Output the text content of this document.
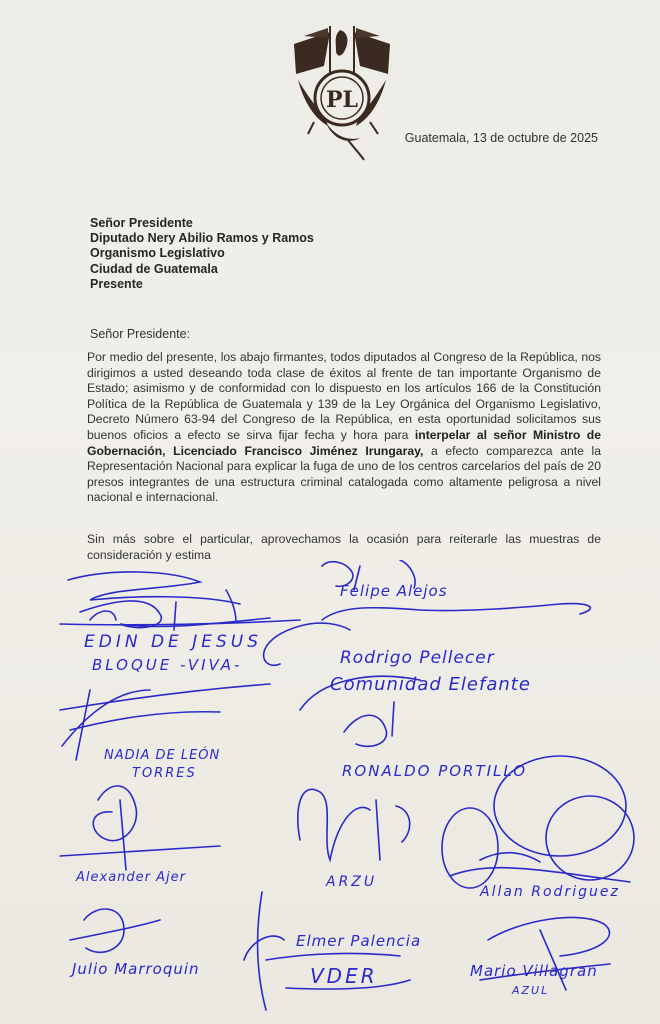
PL
Guatemala, 13 de octubre de 2025
Señor Presidente
Diputado Nery Abilio Ramos y Ramos
Organismo Legislativo
Ciudad de Guatemala
Presente
Señor Presidente:
Por medio del presente, los abajo firmantes, todos diputados al Congreso de la República, nos dirigimos a usted deseando toda clase de éxitos al frente de tan importante Organismo de Estado; asimismo y de conformidad con lo dispuesto en los artículos 166 de la Constitución Política de la República de Guatemala y 139 de la Ley Orgánica del Organismo Legislativo, Decreto Número 63-94 del Congreso de la República, en esta oportunidad solicitamos sus buenos oficios a efecto se sirva fijar fecha y hora para interpelar al señor Ministro de Gobernación, Licenciado Francisco Jiménez Irungaray, a efecto comparezca ante la Representación Nacional para explicar la fuga de uno de los centros carcelarios del país de 20 presos integrantes de una estructura criminal catalogada como altamente peligrosa a nivel nacional e internacional.
Sin más sobre el particular, aprovechamos la ocasión para reiterarle las muestras de consideración y estima
Felipe Alejos
EDIN DE JESUS
BLOQUE -VIVA-	Rodrigo Pellecer
Comunidad Elefante
NADIA DE LEÓN
TORRES	RONALDO PORTILLO
Alexander Ajer	ARZU
Allan Rodriguez
Julio Marroquin
Elmer Palencia
VDER	Mario Villagran
AZUL
